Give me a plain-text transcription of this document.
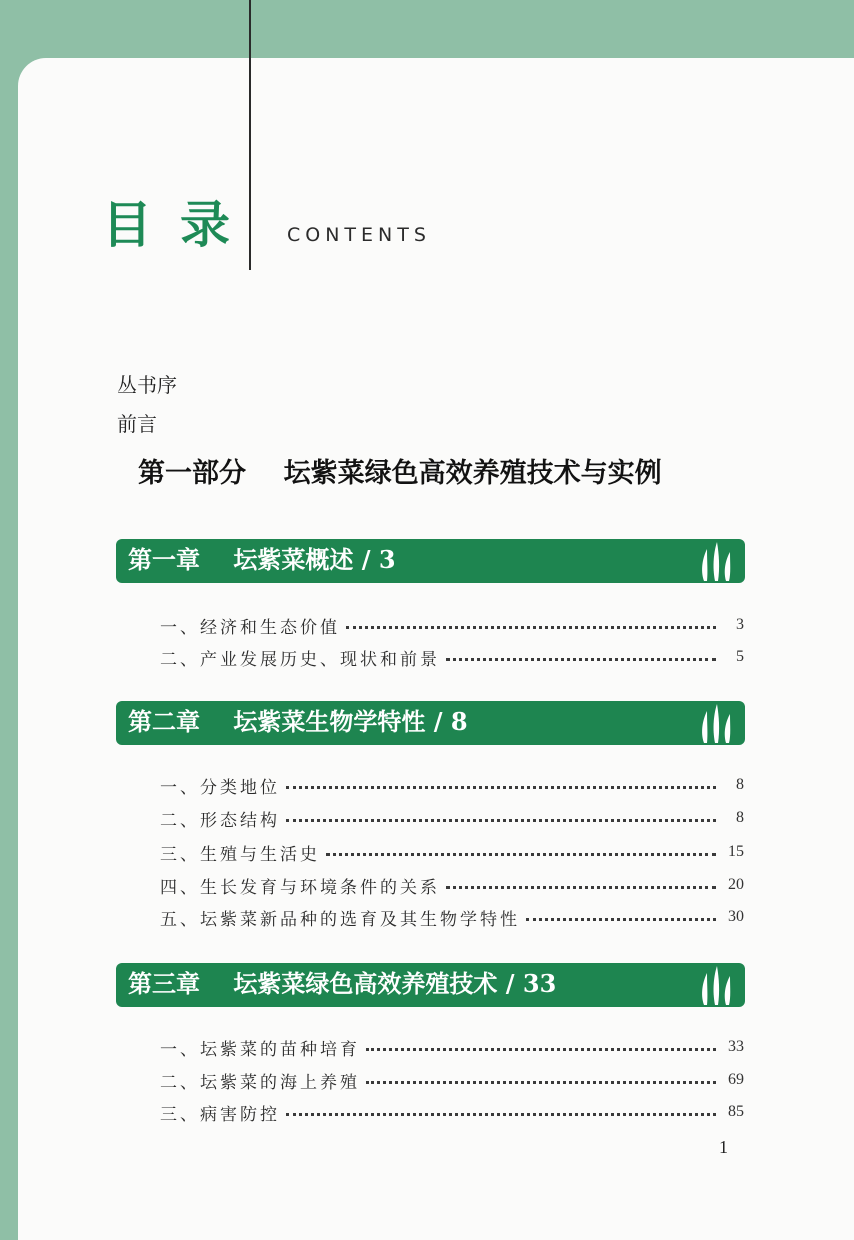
目录 CONTENTS
丛书序
前言
第一部分    坛紫菜绿色高效养殖技术与实例
第一章    坛紫菜概述 / 3
一、经济和生态价值	3
二、产业发展历史、现状和前景	5
第二章    坛紫菜生物学特性 / 8
一、分类地位	8
二、形态结构	8
三、生殖与生活史	15
四、生长发育与环境条件的关系	20
五、坛紫菜新品种的选育及其生物学特性	30
第三章    坛紫菜绿色高效养殖技术 / 33
一、坛紫菜的苗种培育	33
二、坛紫菜的海上养殖	69
三、病害防控	85
1
